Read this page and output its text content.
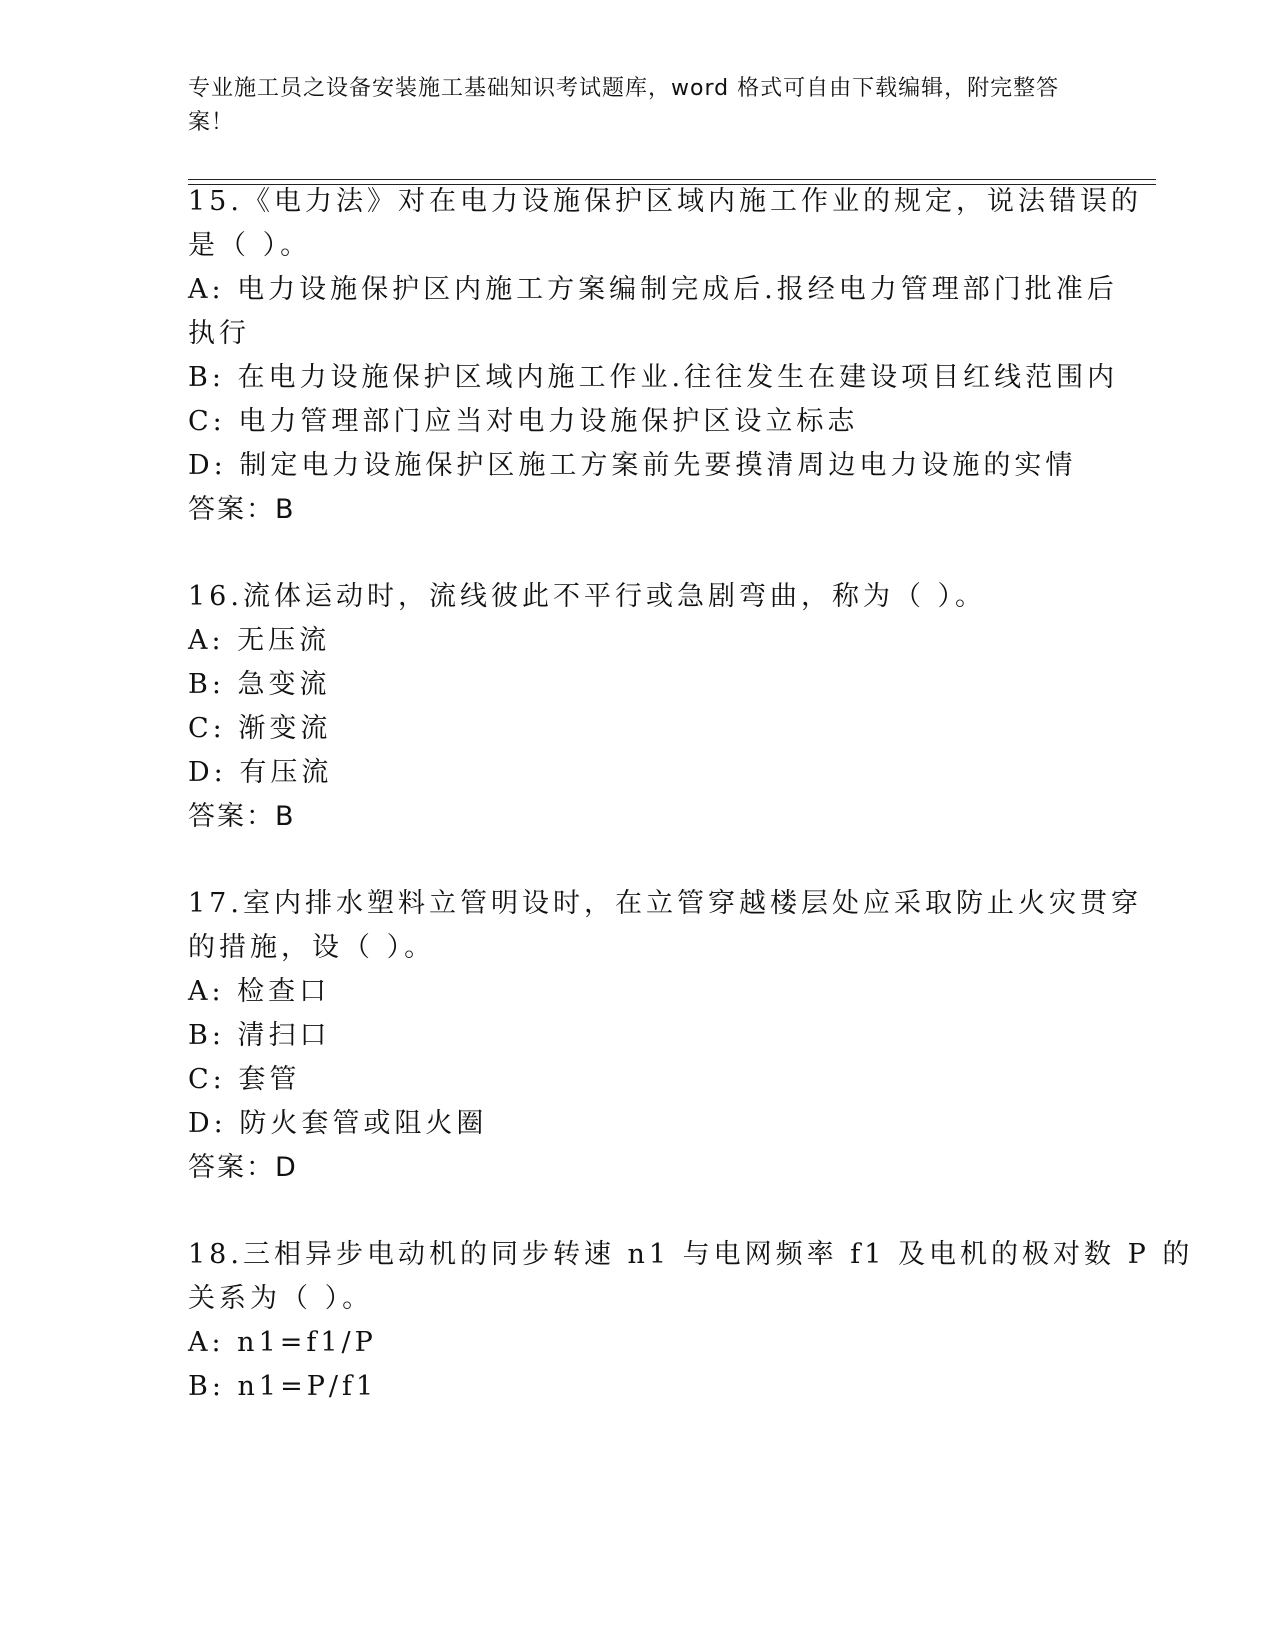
专业施工员之设备安装施工基础知识考试题库，word 格式可自由下载编辑，附完整答案！
15.《电力法》对在电力设施保护区域内施工作业的规定，说法错误的
是（ ）。
A: 电力设施保护区内施工方案编制完成后.报经电力管理部门批准后
执行
B: 在电力设施保护区域内施工作业.往往发生在建设项目红线范围内
C: 电力管理部门应当对电力设施保护区设立标志
D: 制定电力设施保护区施工方案前先要摸清周边电力设施的实情
答案：B
16.流体运动时，流线彼此不平行或急剧弯曲，称为（ ）。
A: 无压流
B: 急变流
C: 渐变流
D: 有压流
答案：B
17.室内排水塑料立管明设时，在立管穿越楼层处应采取防止火灾贯穿
的措施，设（ ）。
A: 检查口
B: 清扫口
C: 套管
D: 防火套管或阻火圈
答案：D
18.三相异步电动机的同步转速 n1 与电网频率 f1 及电机的极对数 P 的
关系为（ ）。
A: n1=f1/P
B: n1=P/f1
